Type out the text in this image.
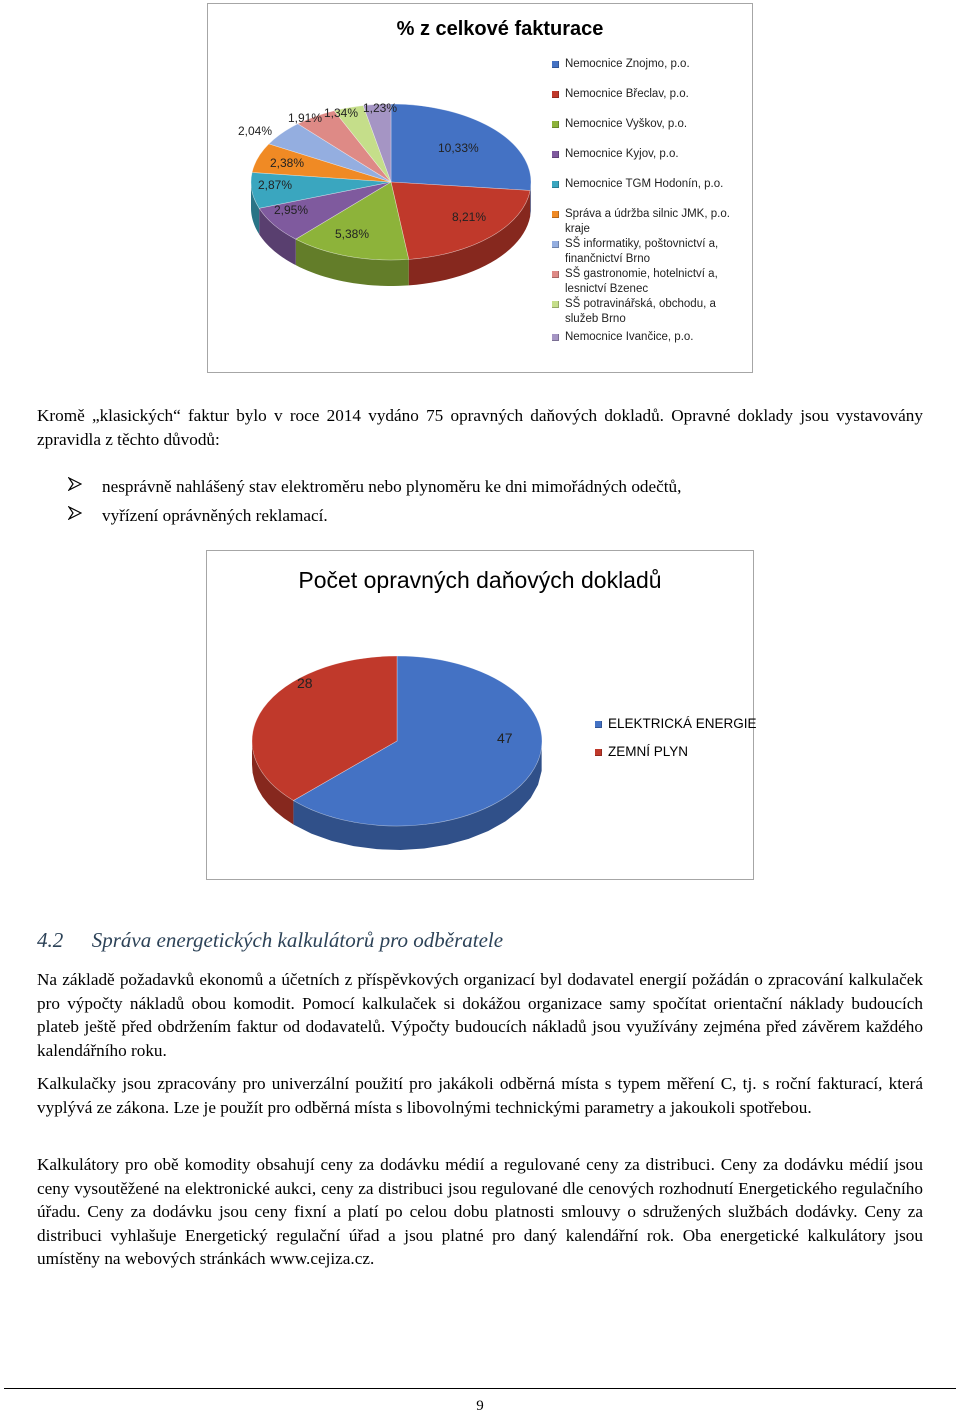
% z celkové fakturace
Nemocnice Znojmo, p.o.
Nemocnice Břeclav, p.o.
Nemocnice Vyškov, p.o.
Nemocnice Kyjov, p.o.
Nemocnice TGM Hodonín, p.o.
Správa a údržba silnic JMK, p.o. kraje
SŠ informatiky, poštovnictví a, finančnictví Brno
SŠ gastronomie, hotelnictví a, lesnictví Bzenec
SŠ potravinářská, obchodu, a služeb Brno
Nemocnice Ivančice, p.o.
10,33%
8,21%
5,38%
2,95%
2,87%
2,38%
2,04%
1,91% 1,34% 1,23%

Kromě „klasických“ faktur bylo v roce 2014 vydáno 75 opravných daňových dokladů. Opravné doklady jsou vystavovány zpravidla z těchto důvodů:

nesprávně nahlášený stav elektroměru nebo plynoměru ke dni mimořádných odečtů,
vyřízení oprávněných reklamací.
Počet opravných daňových dokladů
28
47
ELEKTRICKÁ ENERGIE
ZEMNÍ PLYN
4.2 Správa energetických kalkulátorů pro odběratele

Na základě požadavků ekonomů a účetních z příspěvkových organizací byl dodavatel energií požádán o zpracování kalkulaček pro výpočty nákladů obou komodit. Pomocí kalkulaček si dokážou organizace samy spočítat orientační náklady budoucích plateb ještě před obdržením faktur od dodavatelů. Výpočty budoucích nákladů jsou využívány zejména před závěrem každého kalendářního roku.

Kalkulačky jsou zpracovány pro univerzální použití pro jakákoli odběrná místa s typem měření C, tj. s roční fakturací, která vyplývá ze zákona. Lze je použít pro odběrná místa s libovolnými technickými parametry a jakoukoli spotřebou.

Kalkulátory pro obě komodity obsahují ceny za dodávku médií a regulované ceny za distribuci. Ceny za dodávku médií jsou ceny vysoutěžené na elektronické aukci, ceny za distribuci jsou regulované dle cenových rozhodnutí Energetického regulačního úřadu. Ceny za dodávku jsou ceny fixní a platí po celou dobu platnosti smlouvy o sdružených službách dodávky. Ceny za distribuci vyhlašuje Energetický regulační úřad a jsou platné pro daný kalendářní rok. Oba energetické kalkulátory jsou umístěny na webových stránkách www.cejiza.cz.

9
